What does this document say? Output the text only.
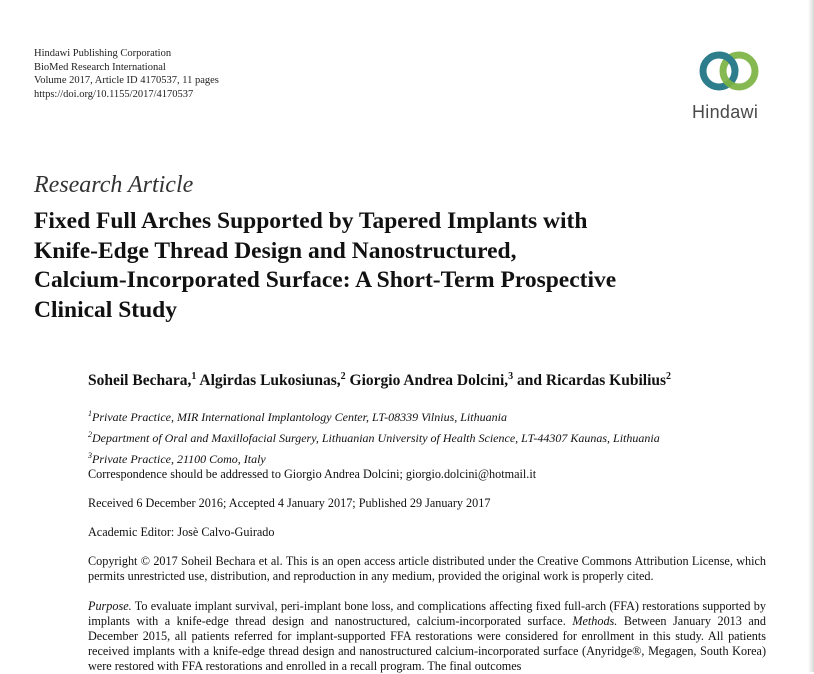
Hindawi Publishing Corporation
BioMed Research International
Volume 2017, Article ID 4170537, 11 pages
https://doi.org/10.1155/2017/4170537
Hindawi
Research Article
Fixed Full Arches Supported by Tapered Implants with
Knife-Edge Thread Design and Nanostructured,
Calcium-Incorporated Surface: A Short-Term Prospective
Clinical Study
Soheil Bechara,$^1$ Algirdas Lukosiunas,$^2$ Giorgio Andrea Dolcini,$^3$ and Ricardas Kubilius$^2$
$^1$Private Practice, MIR International Implantology Center, LT-08339 Vilnius, Lithuania
$^2$Department of Oral and Maxillofacial Surgery, Lithuanian University of Health Science, LT-44307 Kaunas, Lithuania
$^3$Private Practice, 21100 Como, Italy
Correspondence should be addressed to Giorgio Andrea Dolcini; giorgio.dolcini@hotmail.it
Received 6 December 2016; Accepted 4 January 2017; Published 29 January 2017
Academic Editor: Josè Calvo-Guirado
Copyright © 2017 Soheil Bechara et al. This is an open access article distributed under the Creative Commons Attribution License, which permits unrestricted use, distribution, and reproduction in any medium, provided the original work is properly cited.
Purpose. To evaluate implant survival, peri-implant bone loss, and complications affecting fixed full-arch (FFA) restorations supported by implants with a knife-edge thread design and nanostructured, calcium-incorporated surface. Methods. Between January 2013 and December 2015, all patients referred for implant-supported FFA restorations were considered for enrollment in this study. All patients received implants with a knife-edge thread design and nanostructured calcium-incorporated surface (Anyridge®, Megagen, South Korea) were restored with FFA restorations and enrolled in a recall program. The final outcomes
